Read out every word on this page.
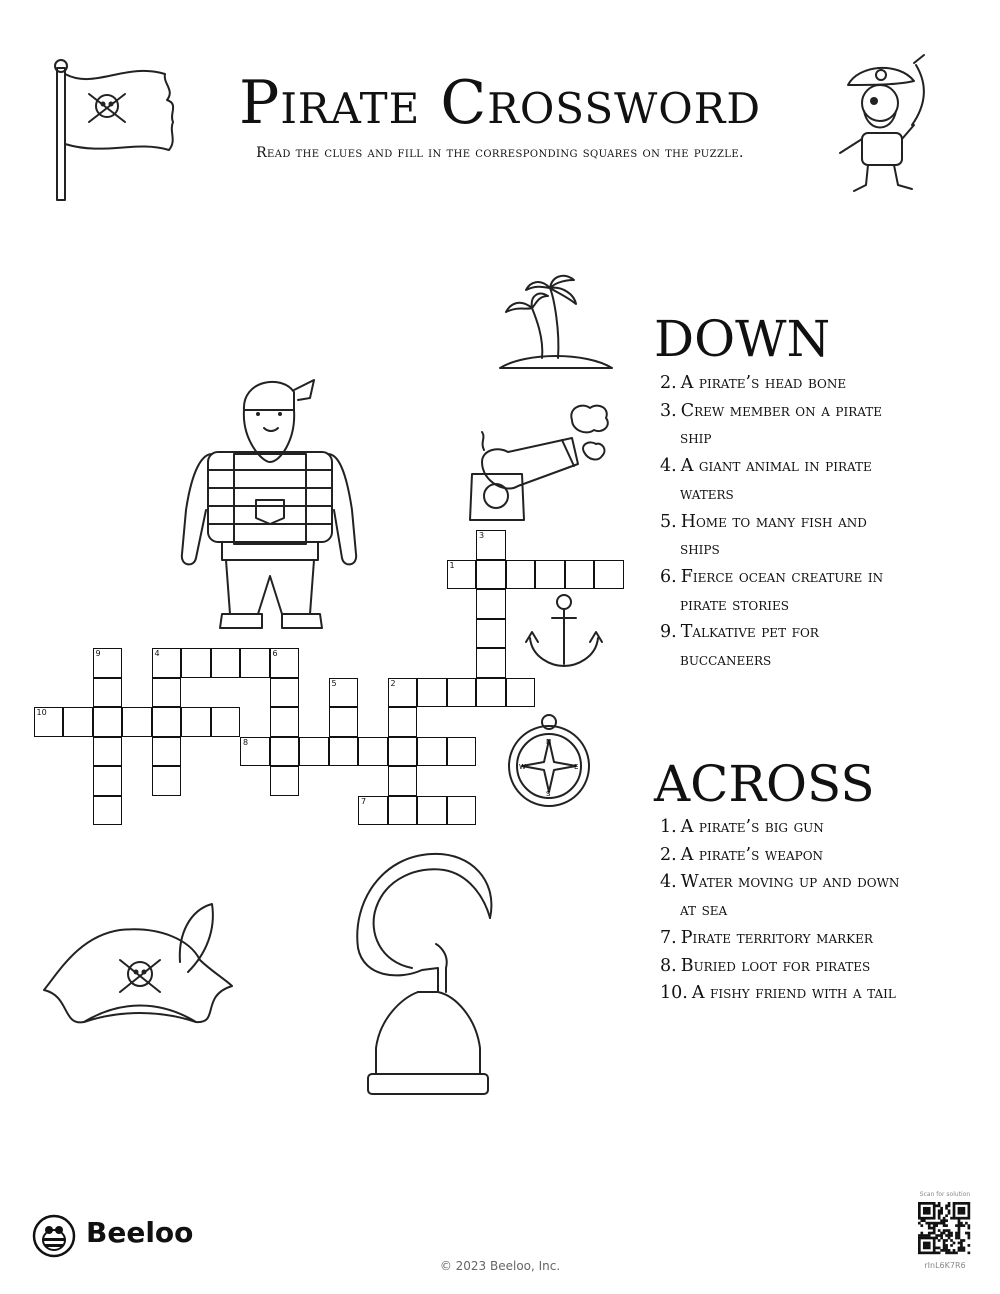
Pirate Crossword
Read the clues and fill in the corresponding squares on the puzzle.
N
S
W	E
1
2
3
4
5
6
7
8
9
10
DOWN

2. A pirate’s head bone

3. Crew member on a pirate ship

4. A giant animal in pirate waters

5. Home to many fish and ships

6. Fierce ocean creature in pirate stories

9. Talkative pet for buccaneers

ACROSS

1. A pirate’s big gun

2. A pirate’s weapon

4. Water moving up and down at sea

7. Pirate territory marker

8. Buried loot for pirates

10. A fishy friend with a tail

Beeloo
© 2023 Beeloo, Inc.
Scan for solution
rInL6K7R6
